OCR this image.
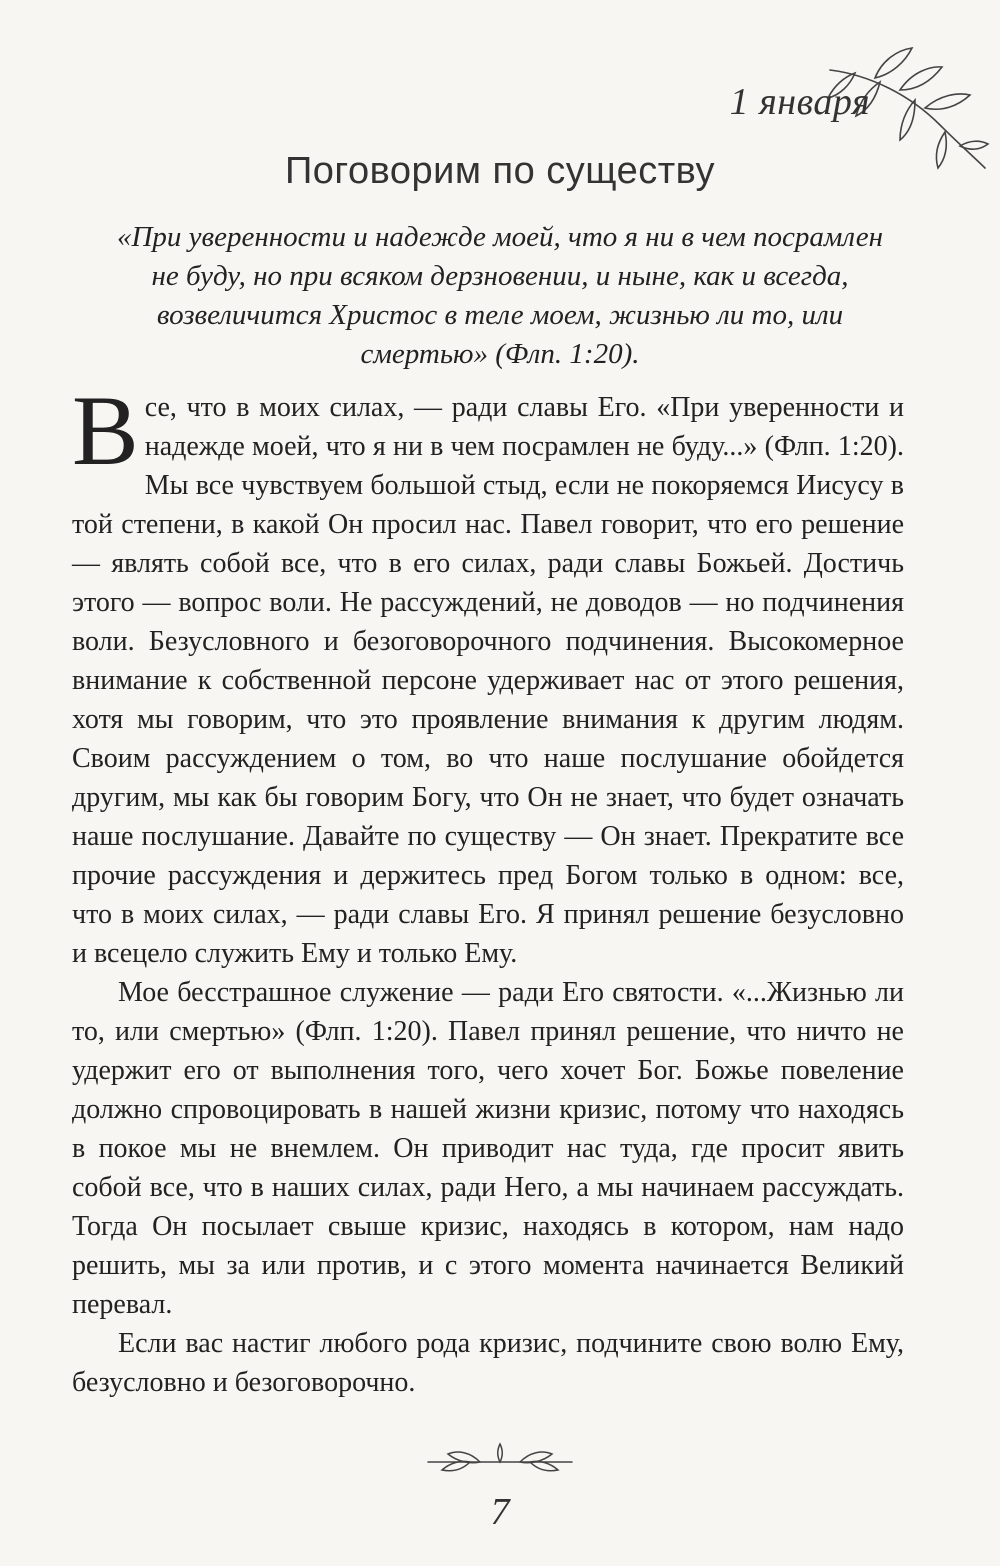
1 января
Поговорим по существу

«При уверенности и надежде моей, что я ни в чем посрамлен не буду, но при всяком дерзновении, и ныне, как и всегда, возвеличится Христос в теле моем, жизнью ли то, или смертью» (Флп. 1:20).

Все, что в моих силах, — ради славы Его. «При уверенности и надежде моей, что я ни в чем посрамлен не буду...» (Флп. 1:20). Мы все чувствуем большой стыд, если не покоряемся Иисусу в той степени, в какой Он просил нас. Павел говорит, что его решение — являть собой все, что в его силах, ради славы Божьей. Достичь этого — вопрос воли. Не рассуждений, не доводов — но подчинения воли. Безусловного и безоговорочного подчинения. Высокомерное внимание к собственной персоне удерживает нас от этого решения, хотя мы говорим, что это проявление внимания к другим людям. Своим рассуждением о том, во что наше послушание обойдется другим, мы как бы говорим Богу, что Он не знает, что будет означать наше послушание. Давайте по существу — Он знает. Прекратите все прочие рассуждения и держитесь пред Богом только в одном: все, что в моих силах, — ради славы Его. Я принял решение безусловно и всецело служить Ему и только Ему.

Мое бесстрашное служение — ради Его святости. «...Жизнью ли то, или смертью» (Флп. 1:20). Павел принял решение, что ничто не удержит его от выполнения того, чего хочет Бог. Божье повеление должно спровоцировать в нашей жизни кризис, потому что находясь в покое мы не внемлем. Он приводит нас туда, где просит явить собой все, что в наших силах, ради Него, а мы начинаем рассуждать. Тогда Он посылает свыше кризис, находясь в котором, нам надо решить, мы за или против, и с этого момента начинается Великий перевал.

Если вас настиг любого рода кризис, подчините свою волю Ему, безусловно и безоговорочно.

7
